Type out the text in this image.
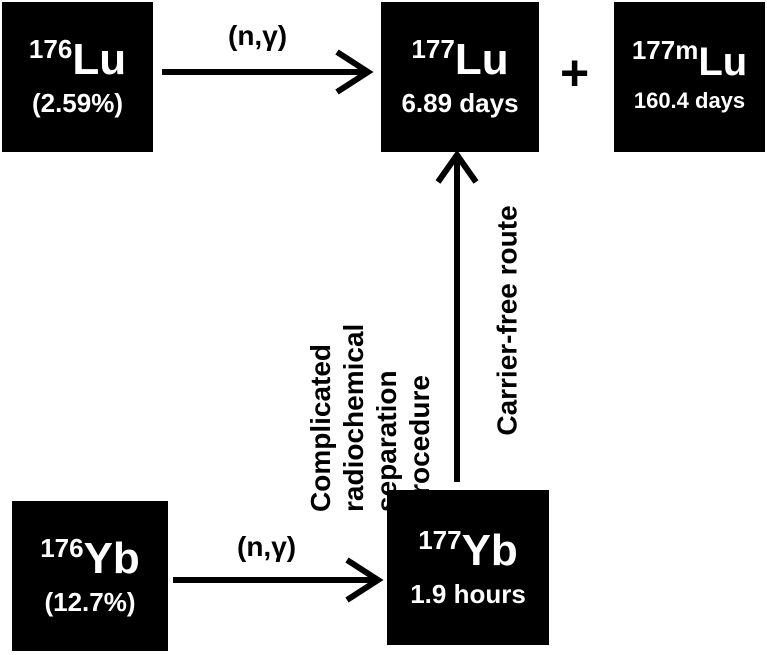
$^{176}$Lu
(2.59%)
$^{177}$Lu
6.89 days
+ $^{177m}$Lu
160.4 days
$^{176}$Yb
(12.7%)
$^{177}$Yb
1.9 hours
(n,γ)
(n,γ)
Complicated radiochemical separation procedure
Carrier-free route
